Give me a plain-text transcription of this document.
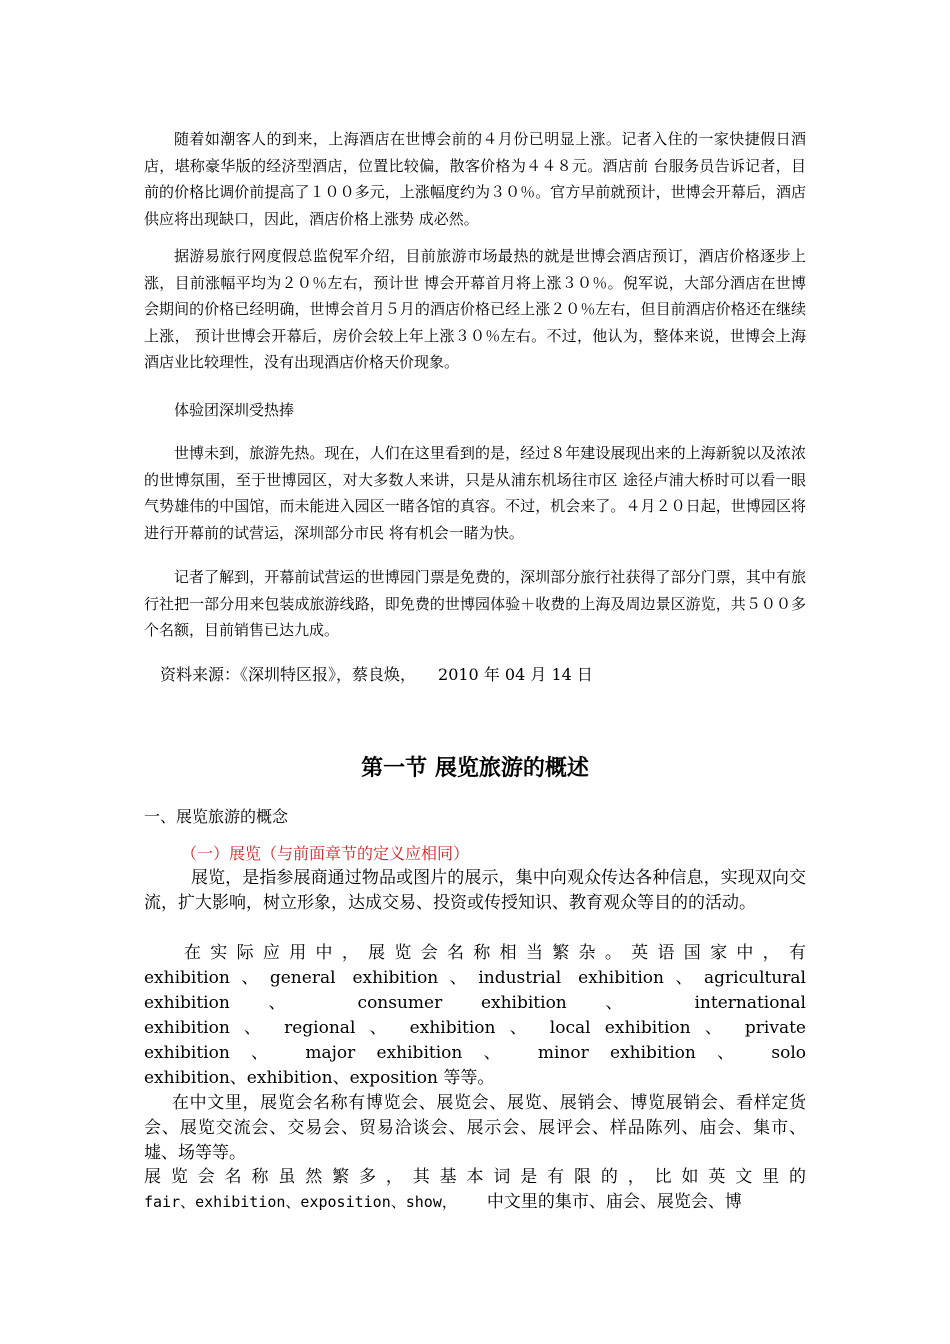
随着如潮客人的到来，上海酒店在世博会前的４月份已明显上涨。记者入住的一家快捷假日酒店，堪称豪华版的经济型酒店，位置比较偏，散客价格为４４８元。酒店前 台服务员告诉记者，目前的价格比调价前提高了１００多元，上涨幅度约为３０％。官方早前就预计，世博会开幕后，酒店供应将出现缺口，因此，酒店价格上涨势 成必然。

据游易旅行网度假总监倪军介绍，目前旅游市场最热的就是世博会酒店预订，酒店价格逐步上涨，目前涨幅平均为２０％左右，预计世 博会开幕首月将上涨３０％。倪军说，大部分酒店在世博会期间的价格已经明确，世博会首月５月的酒店价格已经上涨２０％左右，但目前酒店价格还在继续上涨， 预计世博会开幕后，房价会较上年上涨３０％左右。不过，他认为，整体来说，世博会上海酒店业比较理性，没有出现酒店价格天价现象。

体验团深圳受热捧

世博未到，旅游先热。现在，人们在这里看到的是，经过８年建设展现出来的上海新貌以及浓浓的世博氛围，至于世博园区，对大多数人来讲，只是从浦东机场往市区 途径卢浦大桥时可以看一眼气势雄伟的中国馆，而未能进入园区一睹各馆的真容。不过，机会来了。４月２０日起，世博园区将进行开幕前的试营运，深圳部分市民 将有机会一睹为快。

记者了解到，开幕前试营运的世博园门票是免费的，深圳部分旅行社获得了部分门票，其中有旅行社把一部分用来包装成旅游线路，即免费的世博园体验＋收费的上海及周边景区游览，共５００多个名额，目前销售已达九成。

资料来源：《深圳特区报》，蔡良焕， 2010 年 04 月 14 日

第一节 展览旅游的概述

一、展览旅游的概念

（一）展览（与前面章节的定义应相同）

展览，是指参展商通过物品或图片的展示，集中向观众传达各种信息，实现双向交流，扩大影响，树立形象，达成交易、投资或传授知识、教育观众等目的的活动。

在 实 际 应 用 中 ， 展 览 会 名 称 相 当 繁 杂 。 英 语 国 家 中 ， 有
exhibition、general exhibition、industrial exhibition、agricultural
exhibition 、 consumer exhibition 、 international
exhibition 、 regional 、 exhibition 、 local exhibition 、 private
exhibition 、 major exhibition 、 minor exhibition 、 solo
exhibition、exhibition、exposition 等等。

在中文里，展览会名称有博览会、展览会、展览、展销会、博览展销会、看样定货会、展览交流会、交易会、贸易洽谈会、展示会、展评会、样品陈列、庙会、集市、墟、场等等。

展 览 会 名 称 虽 然 繁 多 ， 其 基 本 词 是 有 限 的 ， 比 如 英 文 里 的
fair、exhibition、exposition、show， 中文里的集市、庙会、展览会、博
